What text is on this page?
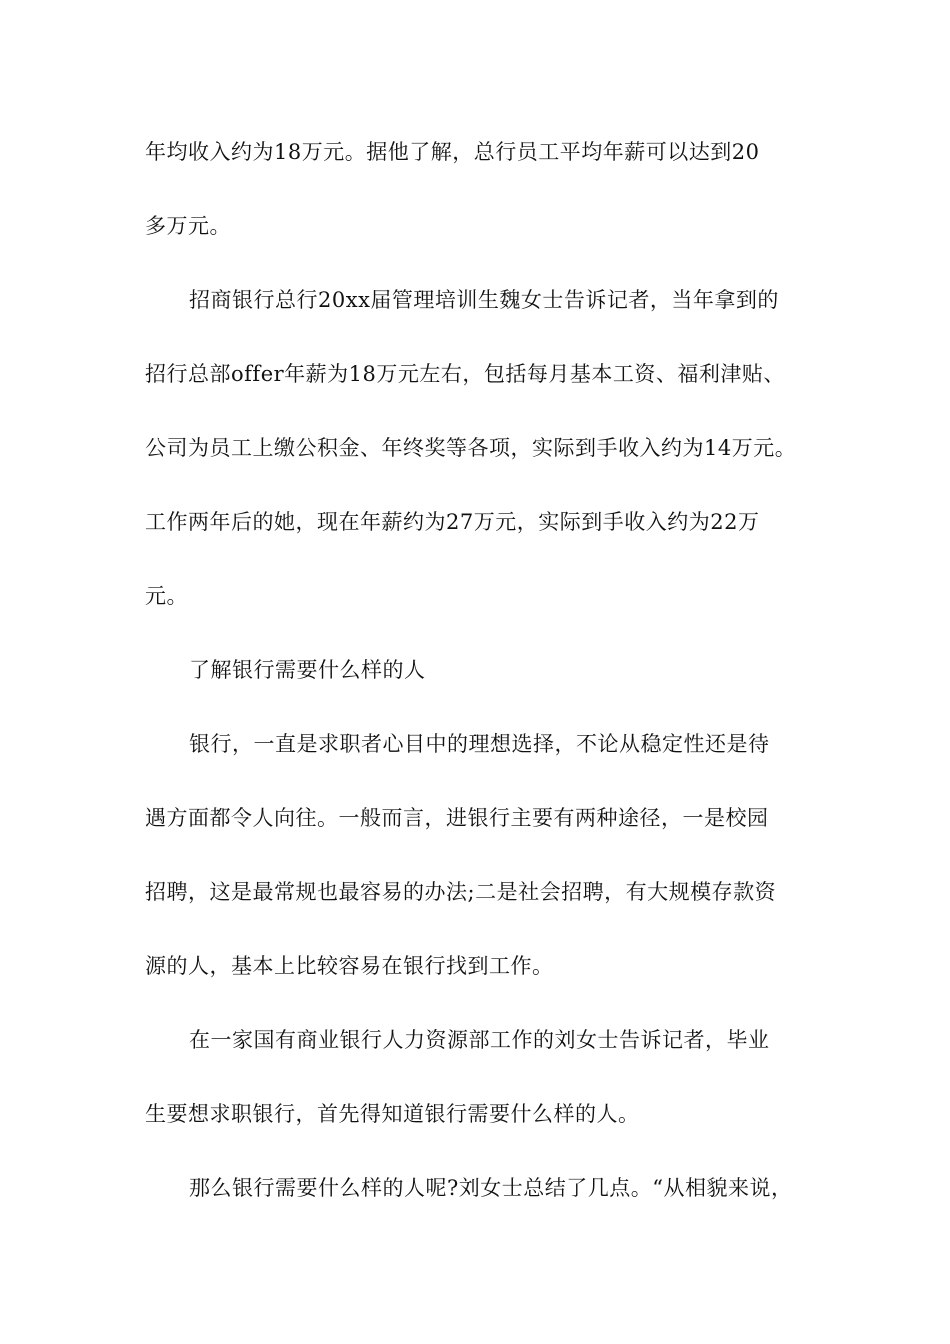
年均收入约为18万元。据他了解，总行员工平均年薪可以达到20
多万元。
招商银行总行20xx届管理培训生魏女士告诉记者，当年拿到的
招行总部offer年薪为18万元左右，包括每月基本工资、福利津贴、
公司为员工上缴公积金、年终奖等各项，实际到手收入约为14万元。
工作两年后的她，现在年薪约为27万元，实际到手收入约为22万
元。
了解银行需要什么样的人
银行，一直是求职者心目中的理想选择，不论从稳定性还是待
遇方面都令人向往。一般而言，进银行主要有两种途径，一是校园
招聘，这是最常规也最容易的办法;二是社会招聘，有大规模存款资
源的人，基本上比较容易在银行找到工作。
在一家国有商业银行人力资源部工作的刘女士告诉记者，毕业
生要想求职银行，首先得知道银行需要什么样的人。
那么银行需要什么样的人呢?刘女士总结了几点。“从相貌来说，
